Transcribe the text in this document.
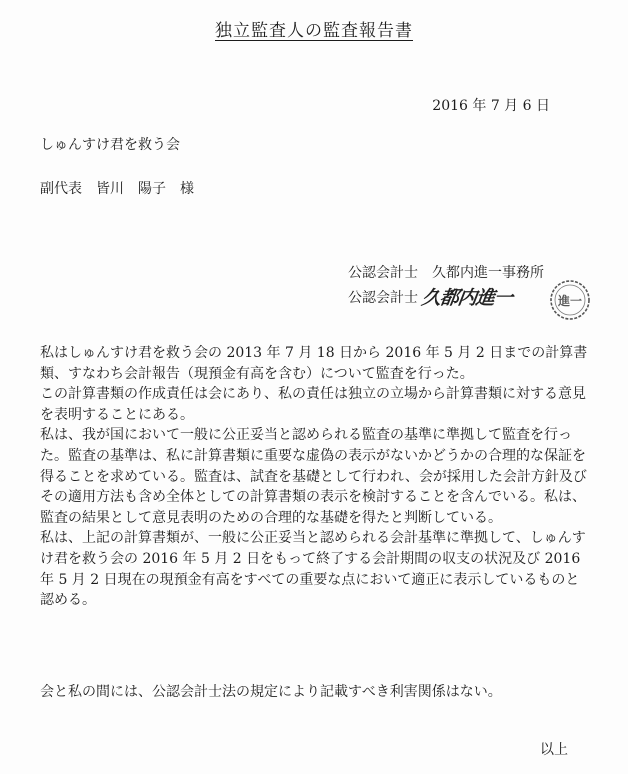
独立監査人の監査報告書
2016 年 7 月 6 日
しゅんすけ君を救う会
副代表　皆川　陽子　様
公認会計士　久都内進一事務所
公認会計士 久都内進一	進一

私はしゅんすけ君を救う会の 2013 年 7 月 18 日から 2016 年 5 月 2 日までの計算書類、すなわち会計報告（現預金有高を含む）について監査を行った。

この計算書類の作成責任は会にあり、私の責任は独立の立場から計算書類に対する意見を表明することにある。

私は、我が国において一般に公正妥当と認められる監査の基準に準拠して監査を行った。監査の基準は、私に計算書類に重要な虚偽の表示がないかどうかの合理的な保証を得ることを求めている。監査は、試査を基礎として行われ、会が採用した会計方針及びその適用方法も含め全体としての計算書類の表示を検討することを含んでいる。私は、監査の結果として意見表明のための合理的な基礎を得たと判断している。

私は、上記の計算書類が、一般に公正妥当と認められる会計基準に準拠して、しゅんすけ君を救う会の 2016 年 5 月 2 日をもって終了する会計期間の収支の状況及び 2016 年 5 月 2 日現在の現預金有高をすべての重要な点において適正に表示しているものと認める。

会と私の間には、公認会計士法の規定により記載すべき利害関係はない。
以上
